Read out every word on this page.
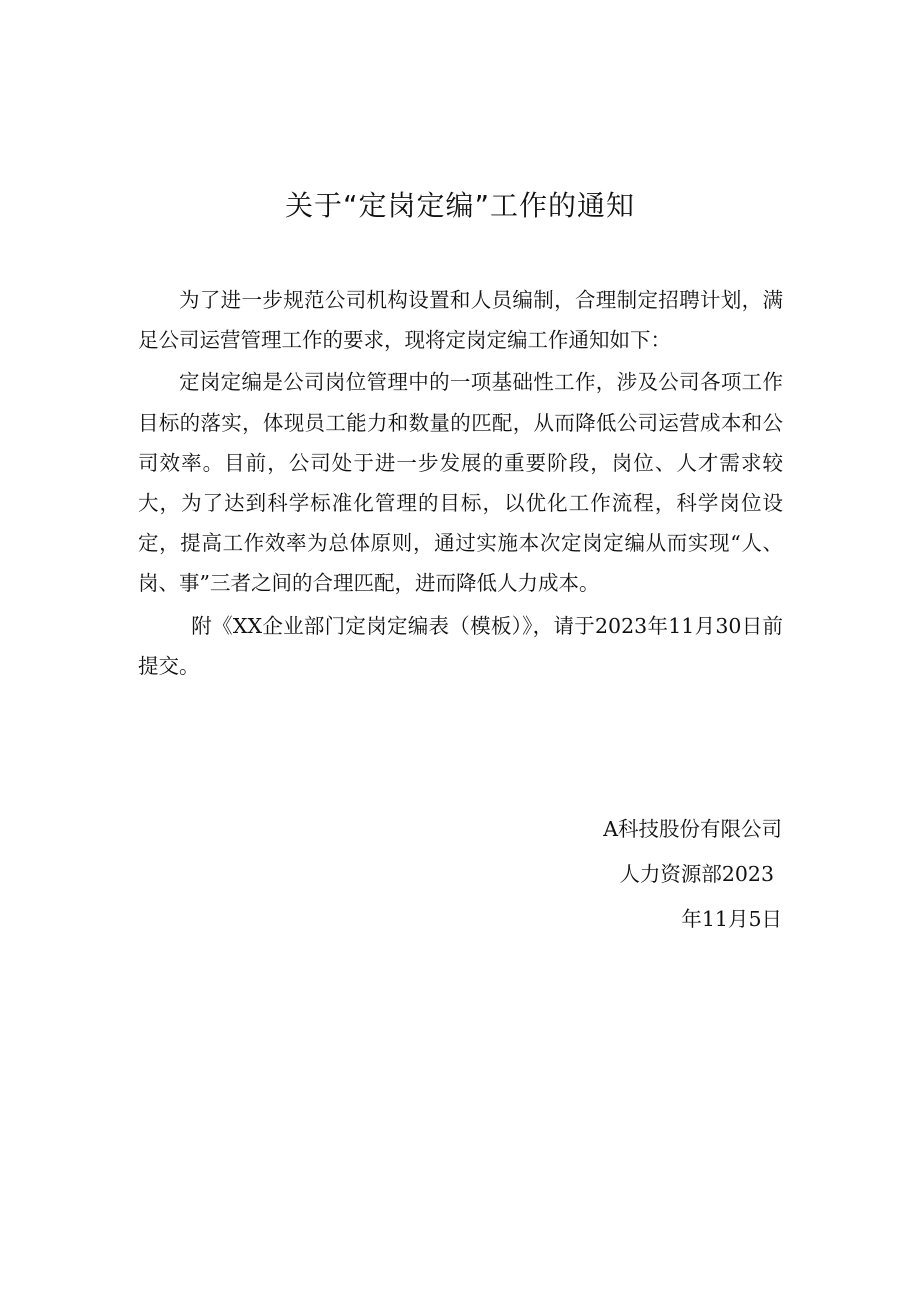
关于“定岗定编”工作的通知

为了进一步规范公司机构设置和人员编制，合理制定招聘计划，满足公司运营管理工作的要求，现将定岗定编工作通知如下：

定岗定编是公司岗位管理中的一项基础性工作，涉及公司各项工作目标的落实，体现员工能力和数量的匹配，从而降低公司运营成本和公司效率。目前，公司处于进一步发展的重要阶段，岗位、人才需求较大，为了达到科学标准化管理的目标，以优化工作流程，科学岗位设定，提高工作效率为总体原则，通过实施本次定岗定编从而实现“人、岗、事”三者之间的合理匹配，进而降低人力成本。

附《XX企业部门定岗定编表（模板）》，请于2023年11月30日前提交。

A科技股份有限公司
人力资源部2023
年11月5日
